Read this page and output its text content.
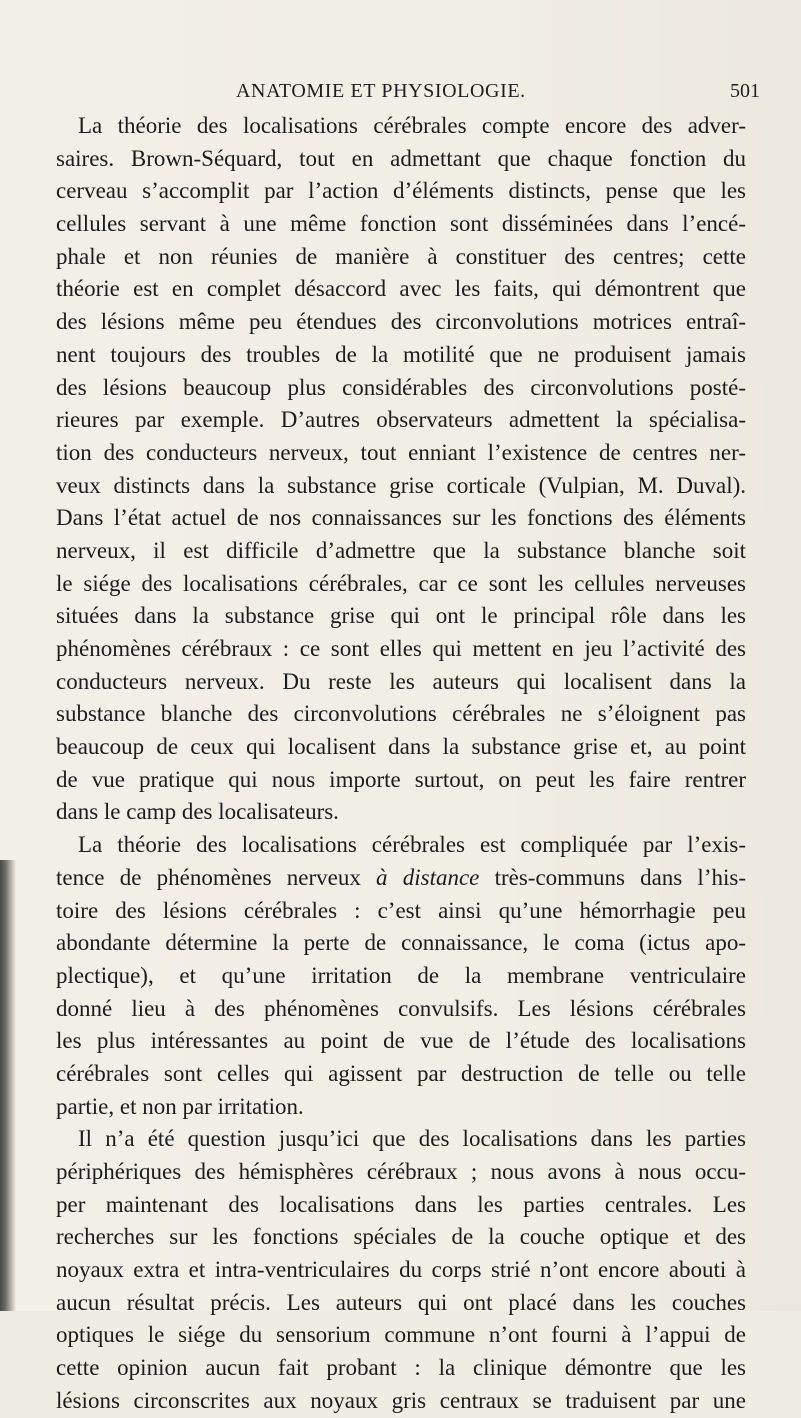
ANATOMIE ET PHYSIOLOGIE.	501
La théorie des localisations cérébrales compte encore des adver-
saires. Brown-Séquard, tout en admettant que chaque fonction du
cerveau s’accomplit par l’action d’éléments distincts, pense que les
cellules servant à une même fonction sont disséminées dans l’encé-
phale et non réunies de manière à constituer des centres; cette
théorie est en complet désaccord avec les faits, qui démontrent que
des lésions même peu étendues des circonvolutions motrices entraî-
nent toujours des troubles de la motilité que ne produisent jamais
des lésions beaucoup plus considérables des circonvolutions posté-
rieures par exemple. D’autres observateurs admettent la spécialisa-
tion des conducteurs nerveux, tout enniant l’existence de centres ner-
veux distincts dans la substance grise corticale (Vulpian, M. Duval).
Dans l’état actuel de nos connaissances sur les fonctions des éléments
nerveux, il est difficile d’admettre que la substance blanche soit
le siége des localisations cérébrales, car ce sont les cellules nerveuses
situées dans la substance grise qui ont le principal rôle dans les
phénomènes cérébraux : ce sont elles qui mettent en jeu l’activité des
conducteurs nerveux. Du reste les auteurs qui localisent dans la
substance blanche des circonvolutions cérébrales ne s’éloignent pas
beaucoup de ceux qui localisent dans la substance grise et, au point
de vue pratique qui nous importe surtout, on peut les faire rentrer
dans le camp des localisateurs.
La théorie des localisations cérébrales est compliquée par l’exis-
tence de phénomènes nerveux à distance très-communs dans l’his-
toire des lésions cérébrales : c’est ainsi qu’une hémorrhagie peu
abondante détermine la perte de connaissance, le coma (ictus apo-
plectique), et qu’une irritation de la membrane ventriculaire
donné lieu à des phénomènes convulsifs. Les lésions cérébrales
les plus intéressantes au point de vue de l’étude des localisations
cérébrales sont celles qui agissent par destruction de telle ou telle
partie, et non par irritation.
Il n’a été question jusqu’ici que des localisations dans les parties
périphériques des hémisphères cérébraux ; nous avons à nous occu-
per maintenant des localisations dans les parties centrales. Les
recherches sur les fonctions spéciales de la couche optique et des
noyaux extra et intra-ventriculaires du corps strié n’ont encore abouti à
aucun résultat précis. Les auteurs qui ont placé dans les couches
optiques le siége du sensorium commune n’ont fourni à l’appui de
cette opinion aucun fait probant : la clinique démontre que les
lésions circonscrites aux noyaux gris centraux se traduisent par une
